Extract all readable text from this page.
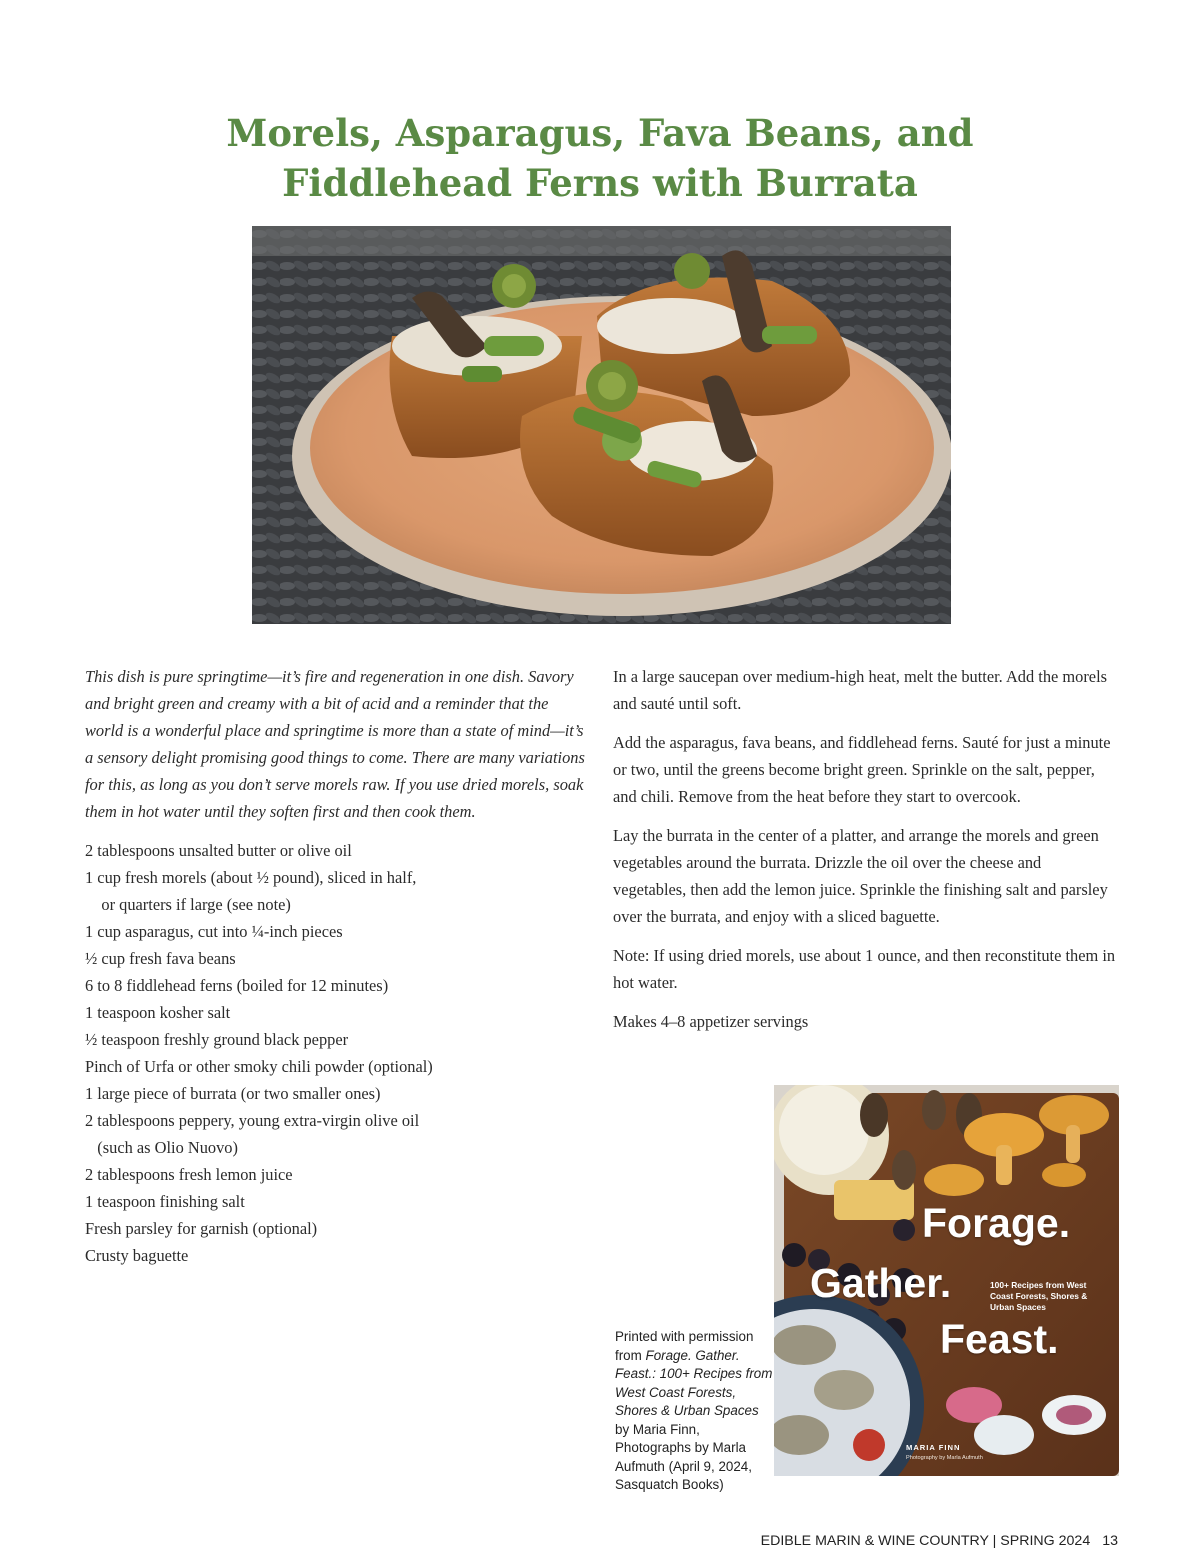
Morels, Asparagus, Fava Beans, and
Fiddlehead Ferns with Burrata

This dish is pure springtime—it’s fire and regeneration in one dish. Savory and bright green and creamy with a bit of acid and a reminder that the world is a wonderful place and springtime is more than a state of mind—it’s a sensory delight promising good things to come. There are many variations for this, as long as you don’t serve morels raw. If you use dried morels, soak them in hot water until they soften first and then cook them.

2 tablespoons unsalted butter or olive oil
1 cup fresh morels (about ½ pound), sliced in half,
 or quarters if large (see note)
1 cup asparagus, cut into ¼-inch pieces
½ cup fresh fava beans
6 to 8 fiddlehead ferns (boiled for 12 minutes)
1 teaspoon kosher salt
½ teaspoon freshly ground black pepper
Pinch of Urfa or other smoky chili powder (optional)
1 large piece of burrata (or two smaller ones)
2 tablespoons peppery, young extra-virgin olive oil
  (such as Olio Nuovo)
2 tablespoons fresh lemon juice
1 teaspoon finishing salt
Fresh parsley for garnish (optional)
Crusty baguette

In a large saucepan over medium-high heat, melt the butter. Add the morels and sauté until soft.

Add the asparagus, fava beans, and fiddlehead ferns. Sauté for just a minute or two, until the greens become bright green. Sprinkle on the salt, pepper, and chili. Remove from the heat before they start to overcook.

Lay the burrata in the center of a platter, and arrange the morels and green vegetables around the burrata. Drizzle the oil over the cheese and vegetables, then add the lemon juice. Sprinkle the finishing salt and parsley over the burrata, and enjoy with a sliced baguette.

Note: If using dried morels, use about 1 ounce, and then reconstitute them in hot water.

Makes 4–8 appetizer servings

Printed with permission from Forage. Gather. Feast.: 100+ Recipes from West Coast Forests, Shores & Urban Spaces by Maria Finn, Photographs by Marla Aufmuth (April 9, 2024, Sasquatch Books)
Forage.
Gather.
Feast.
100+ Recipes from West Coast Forests, Shores & Urban Spaces
MARIA FINN
Photography by Marla Aufmuth
EDIBLE MARIN & WINE COUNTRY | SPRING 2024 13
